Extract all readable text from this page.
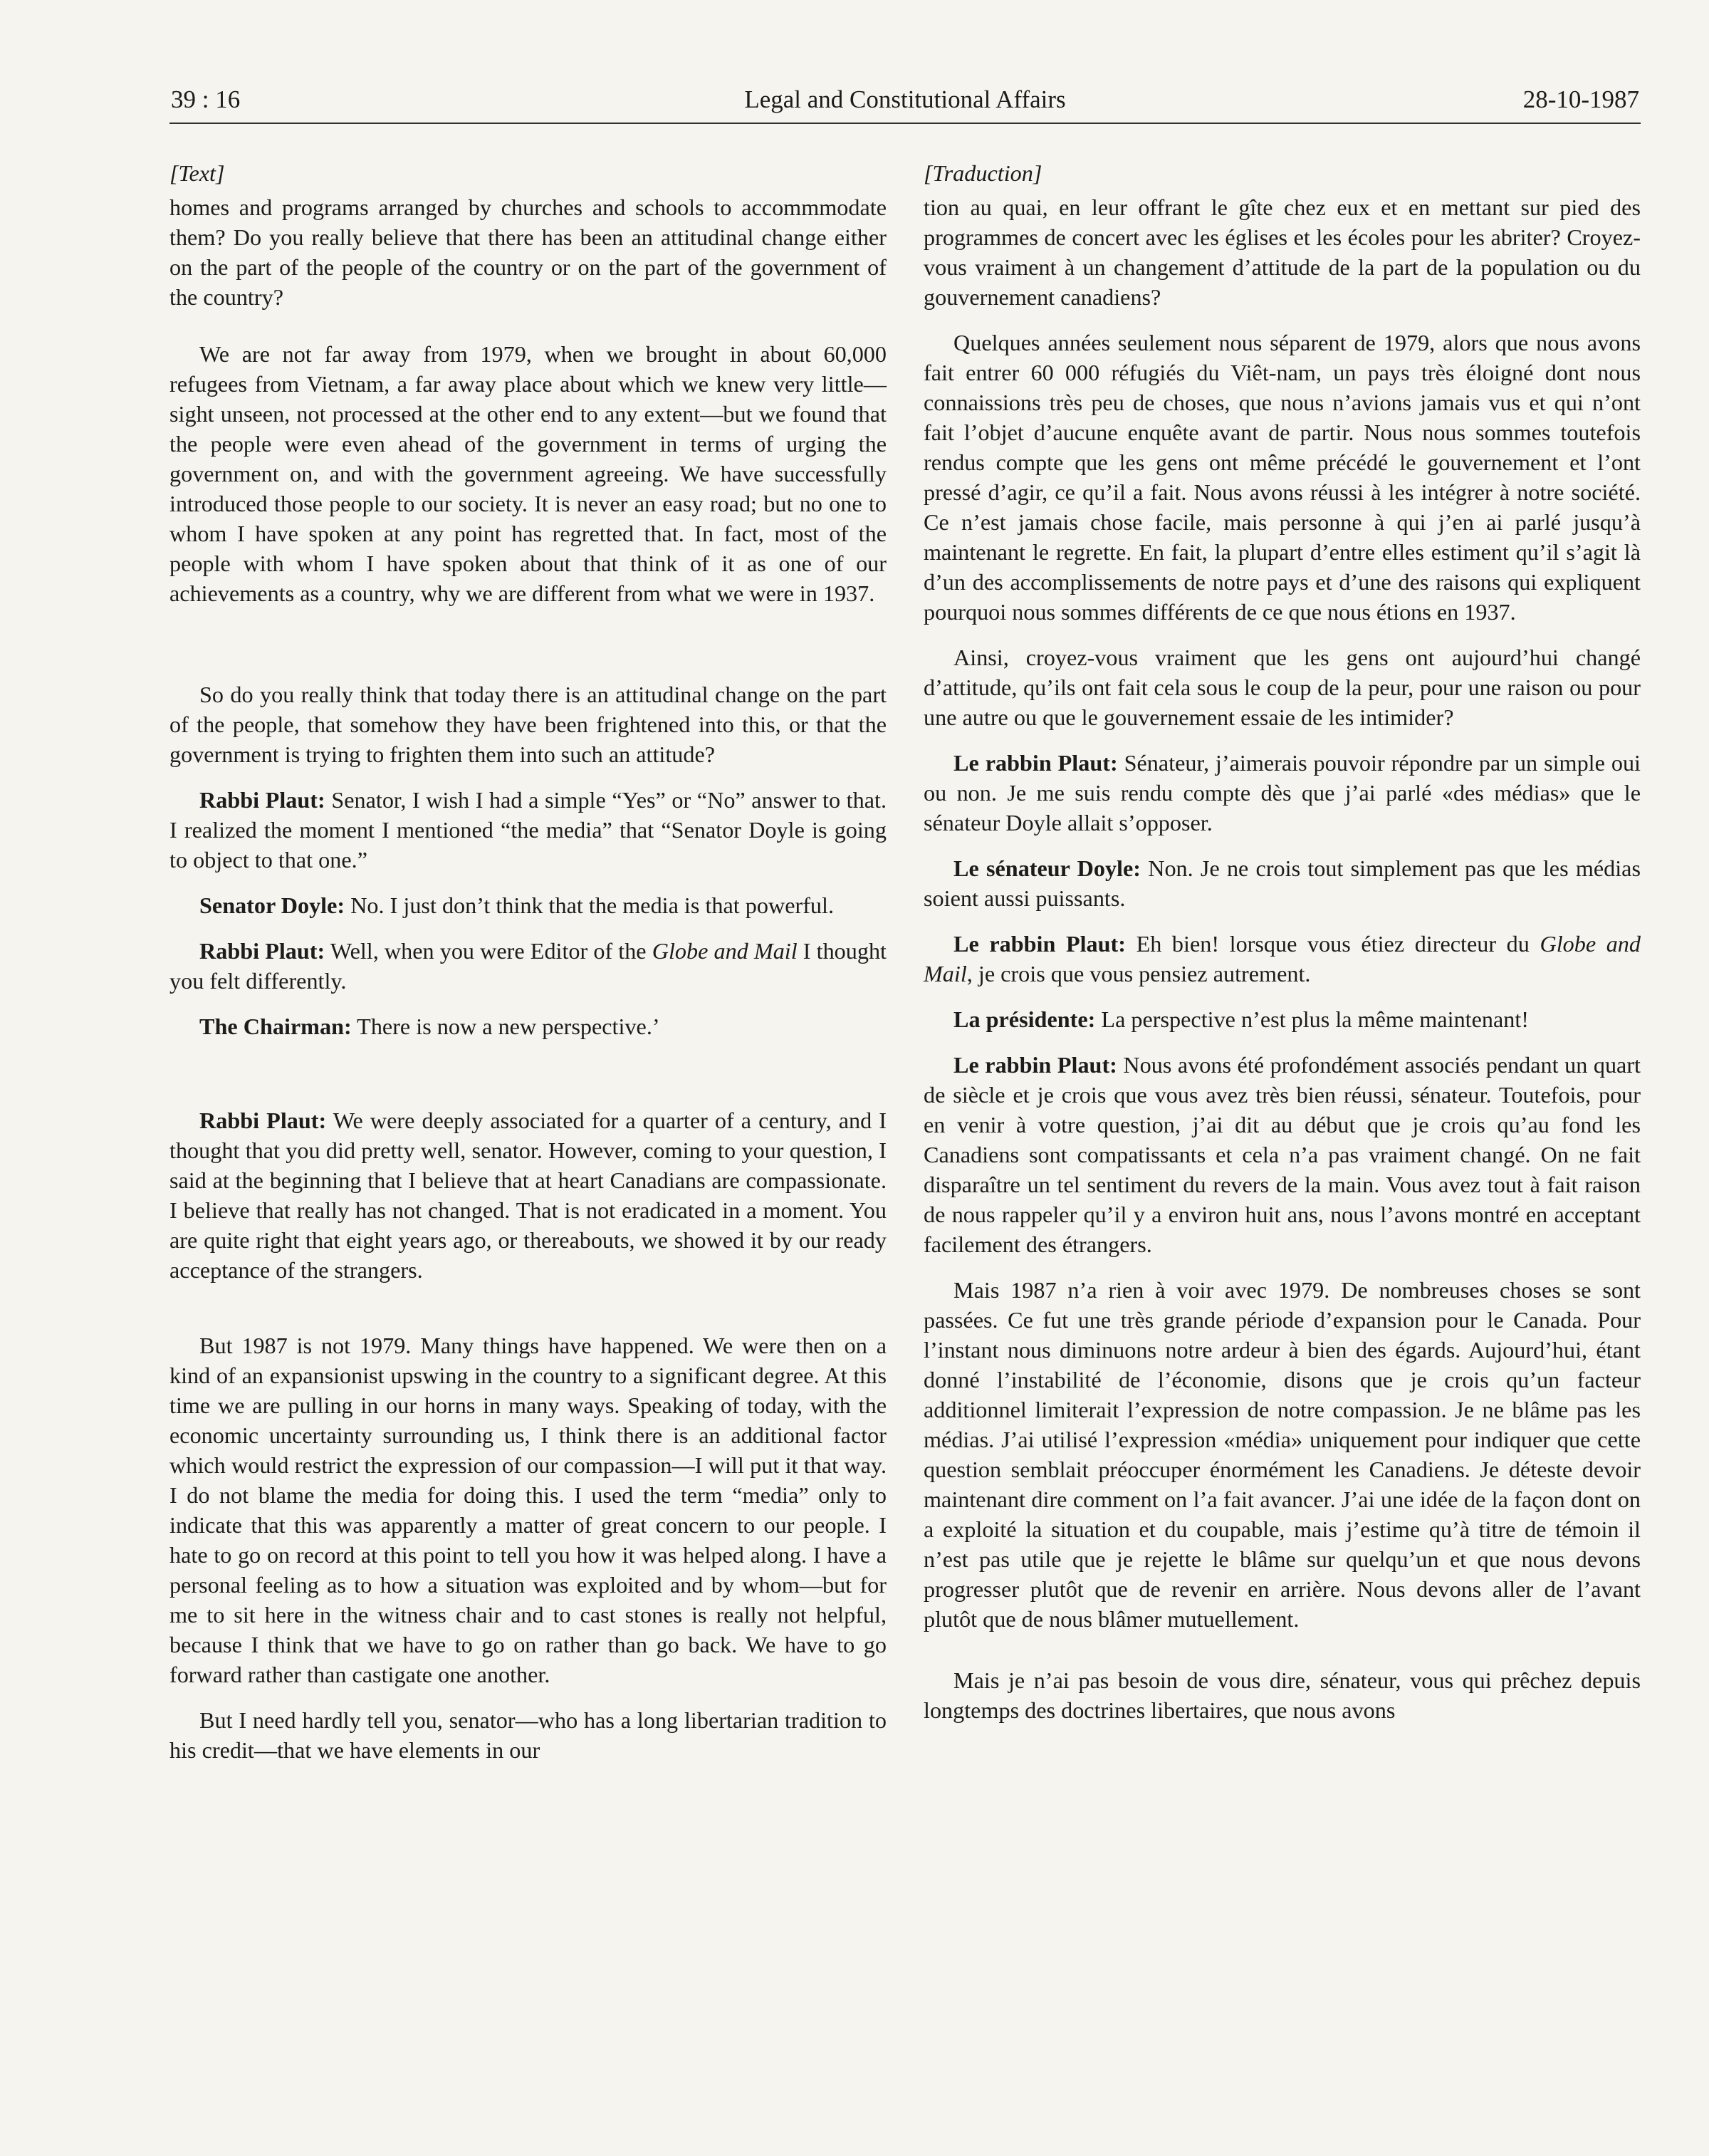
39 : 16	Legal and Constitutional Affairs	28-10-1987

[Text]

homes and programs arranged by churches and schools to accommmodate them? Do you really believe that there has been an attitudinal change either on the part of the people of the country or on the part of the government of the country?

We are not far away from 1979, when we brought in about 60,000 refugees from Vietnam, a far away place about which we knew very little—sight unseen, not processed at the other end to any extent—but we found that the people were even ahead of the government in terms of urging the government on, and with the government agreeing. We have successfully introduced those people to our society. It is never an easy road; but no one to whom I have spoken at any point has regretted that. In fact, most of the people with whom I have spoken about that think of it as one of our achievements as a country, why we are different from what we were in 1937.

So do you really think that today there is an attitudinal change on the part of the people, that somehow they have been frightened into this, or that the government is trying to frighten them into such an attitude?

Rabbi Plaut: Senator, I wish I had a simple “Yes” or “No” answer to that. I realized the moment I mentioned “the media” that “Senator Doyle is going to object to that one.”

Senator Doyle: No. I just don’t think that the media is that powerful.

Rabbi Plaut: Well, when you were Editor of the Globe and Mail I thought you felt differently.

The Chairman: There is now a new perspective.’

Rabbi Plaut: We were deeply associated for a quarter of a century, and I thought that you did pretty well, senator. However, coming to your question, I said at the beginning that I believe that at heart Canadians are compassionate. I believe that really has not changed. That is not eradicated in a moment. You are quite right that eight years ago, or thereabouts, we showed it by our ready acceptance of the strangers.

But 1987 is not 1979. Many things have happened. We were then on a kind of an expansionist upswing in the country to a significant degree. At this time we are pulling in our horns in many ways. Speaking of today, with the economic uncertainty surrounding us, I think there is an additional factor which would restrict the expression of our compassion—I will put it that way. I do not blame the media for doing this. I used the term “media” only to indicate that this was apparently a matter of great concern to our people. I hate to go on record at this point to tell you how it was helped along. I have a personal feeling as to how a situation was exploited and by whom—but for me to sit here in the witness chair and to cast stones is really not helpful, because I think that we have to go on rather than go back. We have to go forward rather than castigate one another.

But I need hardly tell you, senator—who has a long libertarian tradition to his credit—that we have elements in our

[Traduction]

tion au quai, en leur offrant le gîte chez eux et en mettant sur pied des programmes de concert avec les églises et les écoles pour les abriter? Croyez-vous vraiment à un changement d’attitude de la part de la population ou du gouvernement canadiens?

Quelques années seulement nous séparent de 1979, alors que nous avons fait entrer 60 000 réfugiés du Viêt-nam, un pays très éloigné dont nous connaissions très peu de choses, que nous n’avions jamais vus et qui n’ont fait l’objet d’aucune enquête avant de partir. Nous nous sommes toutefois rendus compte que les gens ont même précédé le gouvernement et l’ont pressé d’agir, ce qu’il a fait. Nous avons réussi à les intégrer à notre société. Ce n’est jamais chose facile, mais personne à qui j’en ai parlé jusqu’à maintenant le regrette. En fait, la plupart d’entre elles estiment qu’il s’agit là d’un des accomplissements de notre pays et d’une des raisons qui expliquent pourquoi nous sommes différents de ce que nous étions en 1937.

Ainsi, croyez-vous vraiment que les gens ont aujourd’hui changé d’attitude, qu’ils ont fait cela sous le coup de la peur, pour une raison ou pour une autre ou que le gouvernement essaie de les intimider?

Le rabbin Plaut: Sénateur, j’aimerais pouvoir répondre par un simple oui ou non. Je me suis rendu compte dès que j’ai parlé «des médias» que le sénateur Doyle allait s’opposer.

Le sénateur Doyle: Non. Je ne crois tout simplement pas que les médias soient aussi puissants.

Le rabbin Plaut: Eh bien! lorsque vous étiez directeur du Globe and Mail, je crois que vous pensiez autrement.

La présidente: La perspective n’est plus la même maintenant!

Le rabbin Plaut: Nous avons été profondément associés pendant un quart de siècle et je crois que vous avez très bien réussi, sénateur. Toutefois, pour en venir à votre question, j’ai dit au début que je crois qu’au fond les Canadiens sont compatissants et cela n’a pas vraiment changé. On ne fait disparaître un tel sentiment du revers de la main. Vous avez tout à fait raison de nous rappeler qu’il y a environ huit ans, nous l’avons montré en acceptant facilement des étrangers.

Mais 1987 n’a rien à voir avec 1979. De nombreuses choses se sont passées. Ce fut une très grande période d’expansion pour le Canada. Pour l’instant nous diminuons notre ardeur à bien des égards. Aujourd’hui, étant donné l’instabilité de l’économie, disons que je crois qu’un facteur additionnel limiterait l’expression de notre compassion. Je ne blâme pas les médias. J’ai utilisé l’expression «média» uniquement pour indiquer que cette question semblait préoccuper énormément les Canadiens. Je déteste devoir maintenant dire comment on l’a fait avancer. J’ai une idée de la façon dont on a exploité la situation et du coupable, mais j’estime qu’à titre de témoin il n’est pas utile que je rejette le blâme sur quelqu’un et que nous devons progresser plutôt que de revenir en arrière. Nous devons aller de l’avant plutôt que de nous blâmer mutuellement.

Mais je n’ai pas besoin de vous dire, sénateur, vous qui prêchez depuis longtemps des doctrines libertaires, que nous avons
